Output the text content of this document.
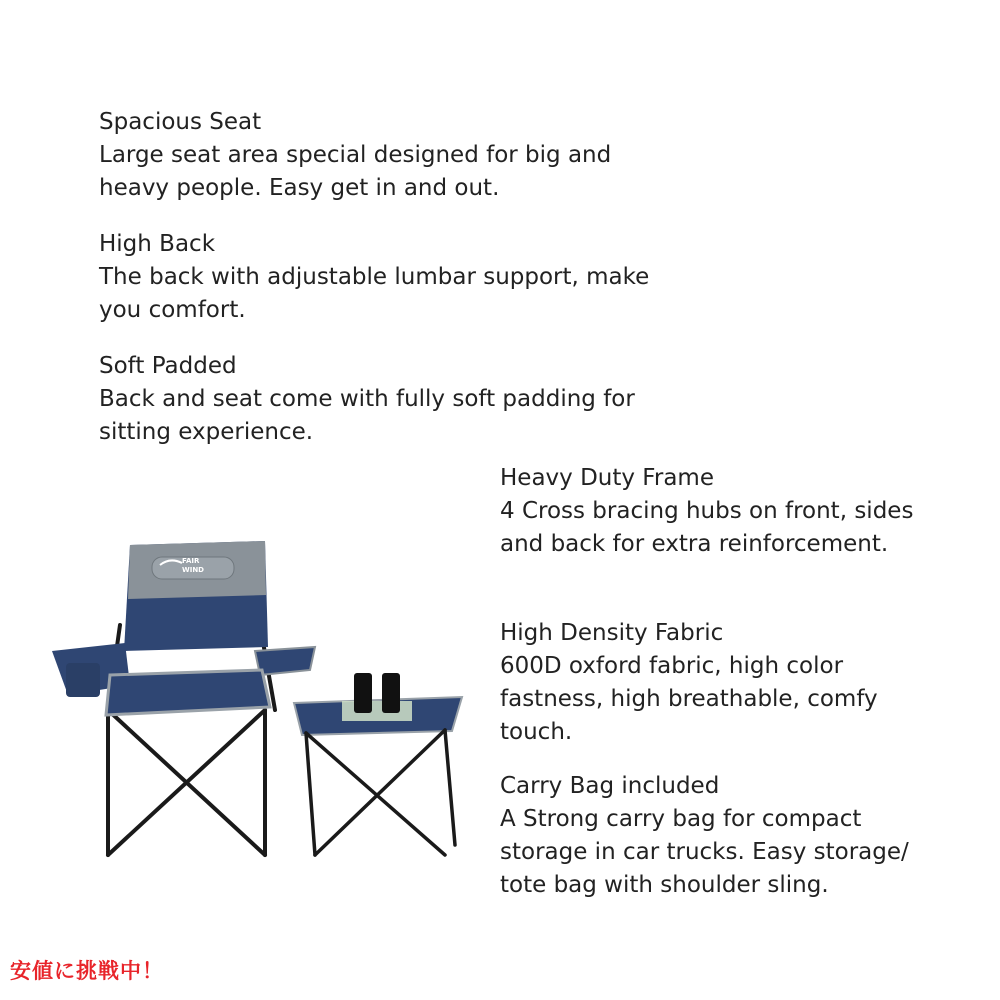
Spacious Seat
Large seat area special designed for big and heavy people. Easy get in and out.
High Back
The back with adjustable lumbar support, make you comfort.
Soft Padded
Back and seat come with fully soft padding for sitting experience.
Heavy Duty Frame
4 Cross bracing hubs on front, sides and back for extra reinforcement.
High Density Fabric
600D oxford fabric, high color fastness, high breathable, comfy touch.
Carry Bag included
A Strong carry bag for compact storage in car trucks. Easy storage/ tote bag with shoulder sling.
FAIR
WIND
安値に挑戦中！
